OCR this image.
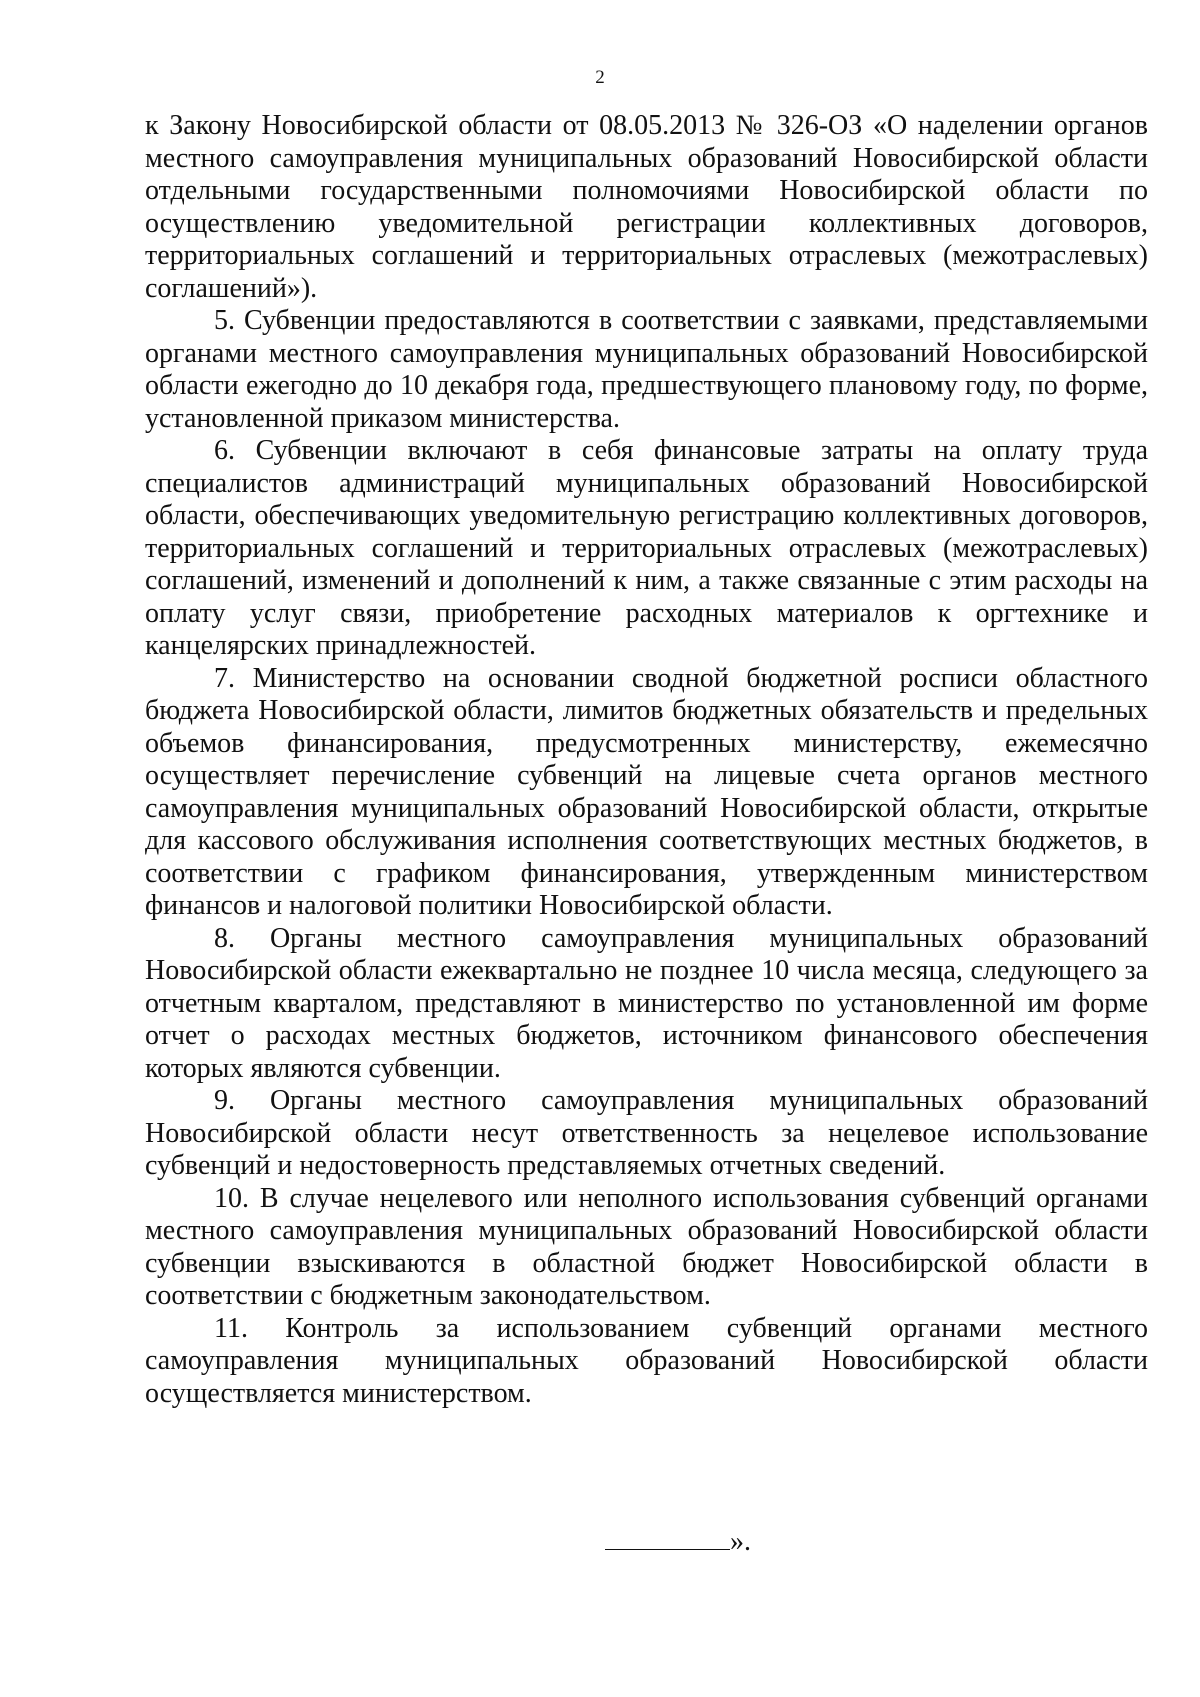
2

к Закону Новосибирской области от 08.05.2013 № 326-ОЗ «О наделении органов местного самоуправления муниципальных образований Новосибирской области отдельными государственными полномочиями Новосибирской области по осуществлению уведомительной регистрации коллективных договоров, территориальных соглашений и территориальных отраслевых (межотраслевых) соглашений»).

5. Субвенции предоставляются в соответствии с заявками, представляемыми органами местного самоуправления муниципальных образований Новосибирской области ежегодно до 10 декабря года, предшествующего плановому году, по форме, установленной приказом министерства.

6. Субвенции включают в себя финансовые затраты на оплату труда специалистов администраций муниципальных образований Новосибирской области, обеспечивающих уведомительную регистрацию коллективных договоров, территориальных соглашений и территориальных отраслевых (межотраслевых) соглашений, изменений и дополнений к ним, а также связанные с этим расходы на оплату услуг связи, приобретение расходных материалов к оргтехнике и канцелярских принадлежностей.

7. Министерство на основании сводной бюджетной росписи областного бюджета Новосибирской области, лимитов бюджетных обязательств и предельных объемов финансирования, предусмотренных министерству, ежемесячно осуществляет перечисление субвенций на лицевые счета органов местного самоуправления муниципальных образований Новосибирской области, открытые для кассового обслуживания исполнения соответствующих местных бюджетов, в соответствии с графиком финансирования, утвержденным министерством финансов и налоговой политики Новосибирской области.

8. Органы местного самоуправления муниципальных образований Новосибирской области ежеквартально не позднее 10 числа месяца, следующего за отчетным кварталом, представляют в министерство по установленной им форме отчет о расходах местных бюджетов, источником финансового обеспечения которых являются субвенции.

9. Органы местного самоуправления муниципальных образований Новосибирской области несут ответственность за нецелевое использование субвенций и недостоверность представляемых отчетных сведений.

10. В случае нецелевого или неполного использования субвенций органами местного самоуправления муниципальных образований Новосибирской области субвенции взыскиваются в областной бюджет Новосибирской области в соответствии с бюджетным законодательством.

11. Контроль за использованием субвенций органами местного самоуправления муниципальных образований Новосибирской области осуществляется министерством.

».
